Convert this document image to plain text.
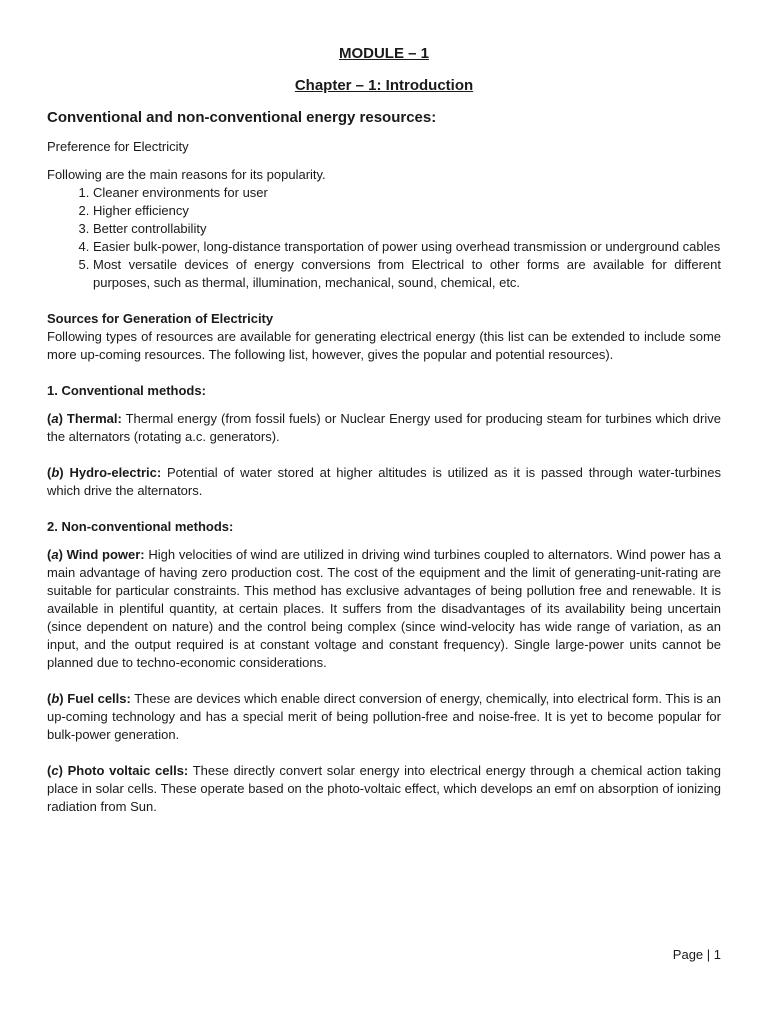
MODULE – 1
Chapter – 1: Introduction
Conventional and non-conventional energy resources:

Preference for Electricity

Following are the main reasons for its popularity.

1. Cleaner environments for user
2. Higher efficiency
3. Better controllability
4. Easier bulk-power, long-distance transportation of power using overhead transmission or underground cables
5. Most versatile devices of energy conversions from Electrical to other forms are available for different purposes, such as thermal, illumination, mechanical, sound, chemical, etc.

Sources for Generation of Electricity

Following types of resources are available for generating electrical energy (this list can be extended to include some more up-coming resources. The following list, however, gives the popular and potential resources).

1. Conventional methods:

(a) Thermal: Thermal energy (from fossil fuels) or Nuclear Energy used for producing steam for turbines which drive the alternators (rotating a.c. generators).

(b) Hydro-electric: Potential of water stored at higher altitudes is utilized as it is passed through water-turbines which drive the alternators.

2. Non-conventional methods:

(a) Wind power: High velocities of wind are utilized in driving wind turbines coupled to alternators. Wind power has a main advantage of having zero production cost. The cost of the equipment and the limit of generating-unit-rating are suitable for particular constraints. This method has exclusive advantages of being pollution free and renewable. It is available in plentiful quantity, at certain places. It suffers from the disadvantages of its availability being uncertain (since dependent on nature) and the control being complex (since wind-velocity has wide range of variation, as an input, and the output required is at constant voltage and constant frequency). Single large-power units cannot be planned due to techno-economic considerations.

(b) Fuel cells: These are devices which enable direct conversion of energy, chemically, into electrical form. This is an up-coming technology and has a special merit of being pollution-free and noise-free. It is yet to become popular for bulk-power generation.

(c) Photo voltaic cells: These directly convert solar energy into electrical energy through a chemical action taking place in solar cells. These operate based on the photo-voltaic effect, which develops an emf on absorption of ionizing radiation from Sun.

Page | 1
